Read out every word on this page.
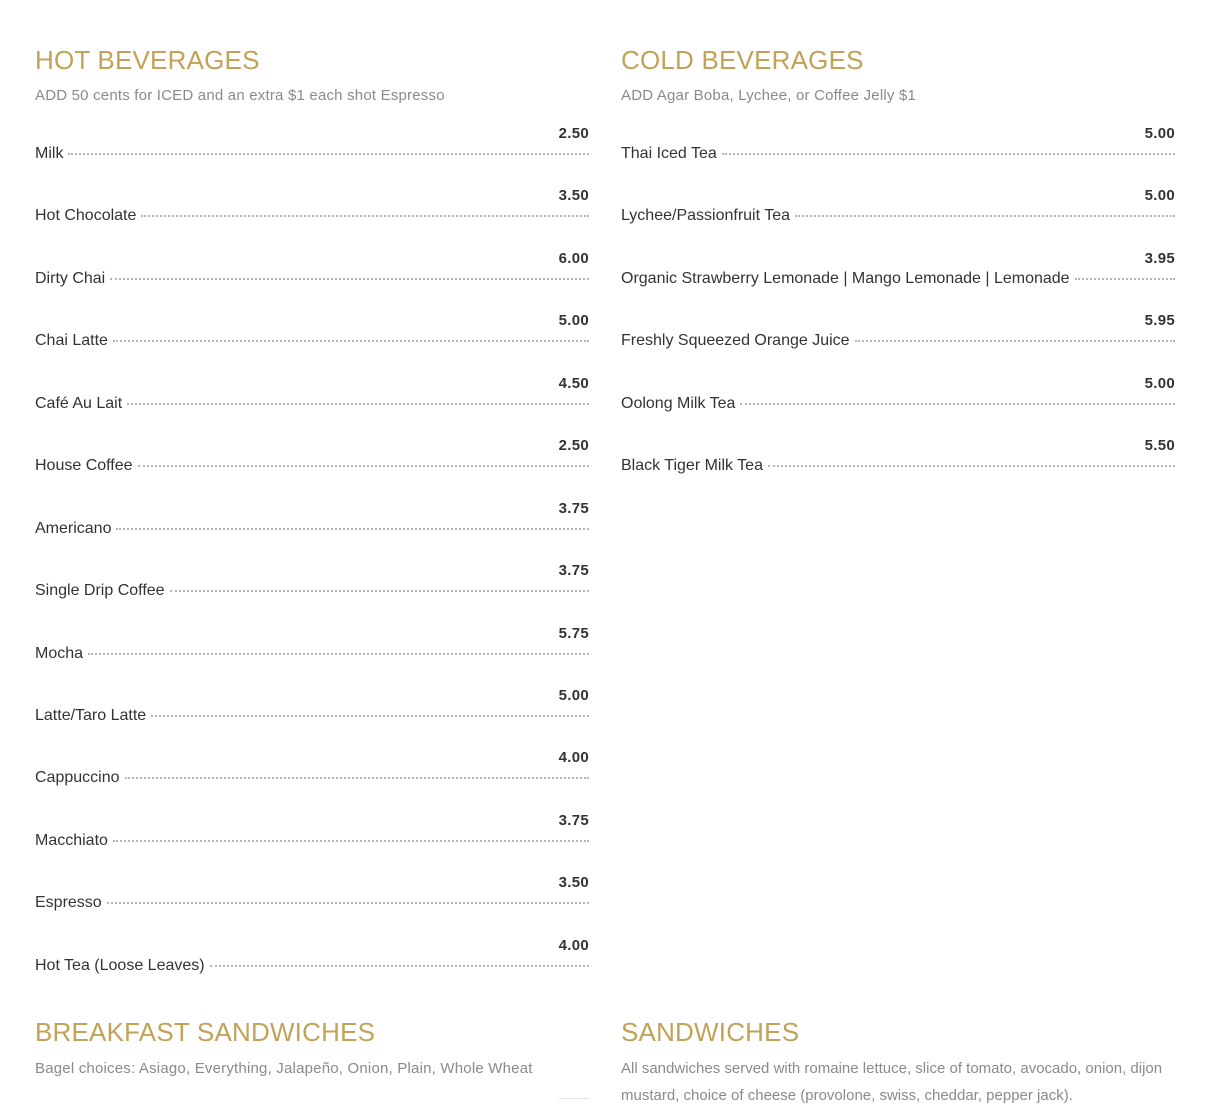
HOT BEVERAGES

ADD 50 cents for ICED and an extra $1 each shot Espresso

2.50
Milk
3.50
Hot Chocolate
6.00
Dirty Chai
5.00
Chai Latte
4.50
Café Au Lait
2.50
House Coffee
3.75
Americano
3.75
Single Drip Coffee
5.75
Mocha
5.00
Latte/Taro Latte
4.00
Cappuccino
3.75
Macchiato
3.50
Espresso
4.00
Hot Tea (Loose Leaves)
COLD BEVERAGES

ADD Agar Boba, Lychee, or Coffee Jelly $1

5.00
Thai Iced Tea
5.00
Lychee/Passionfruit Tea
3.95
Organic Strawberry Lemonade | Mango Lemonade | Lemonade
5.95
Freshly Squeezed Orange Juice
5.00
Oolong Milk Tea
5.50
Black Tiger Milk Tea
BREAKFAST SANDWICHES

Bagel choices: Asiago, Everything, Jalapeño, Onion, Plain, Whole Wheat

SANDWICHES

All sandwiches served with romaine lettuce, slice of tomato, avocado, onion, dijon mustard, choice of cheese (provolone, swiss, cheddar, pepper jack).
